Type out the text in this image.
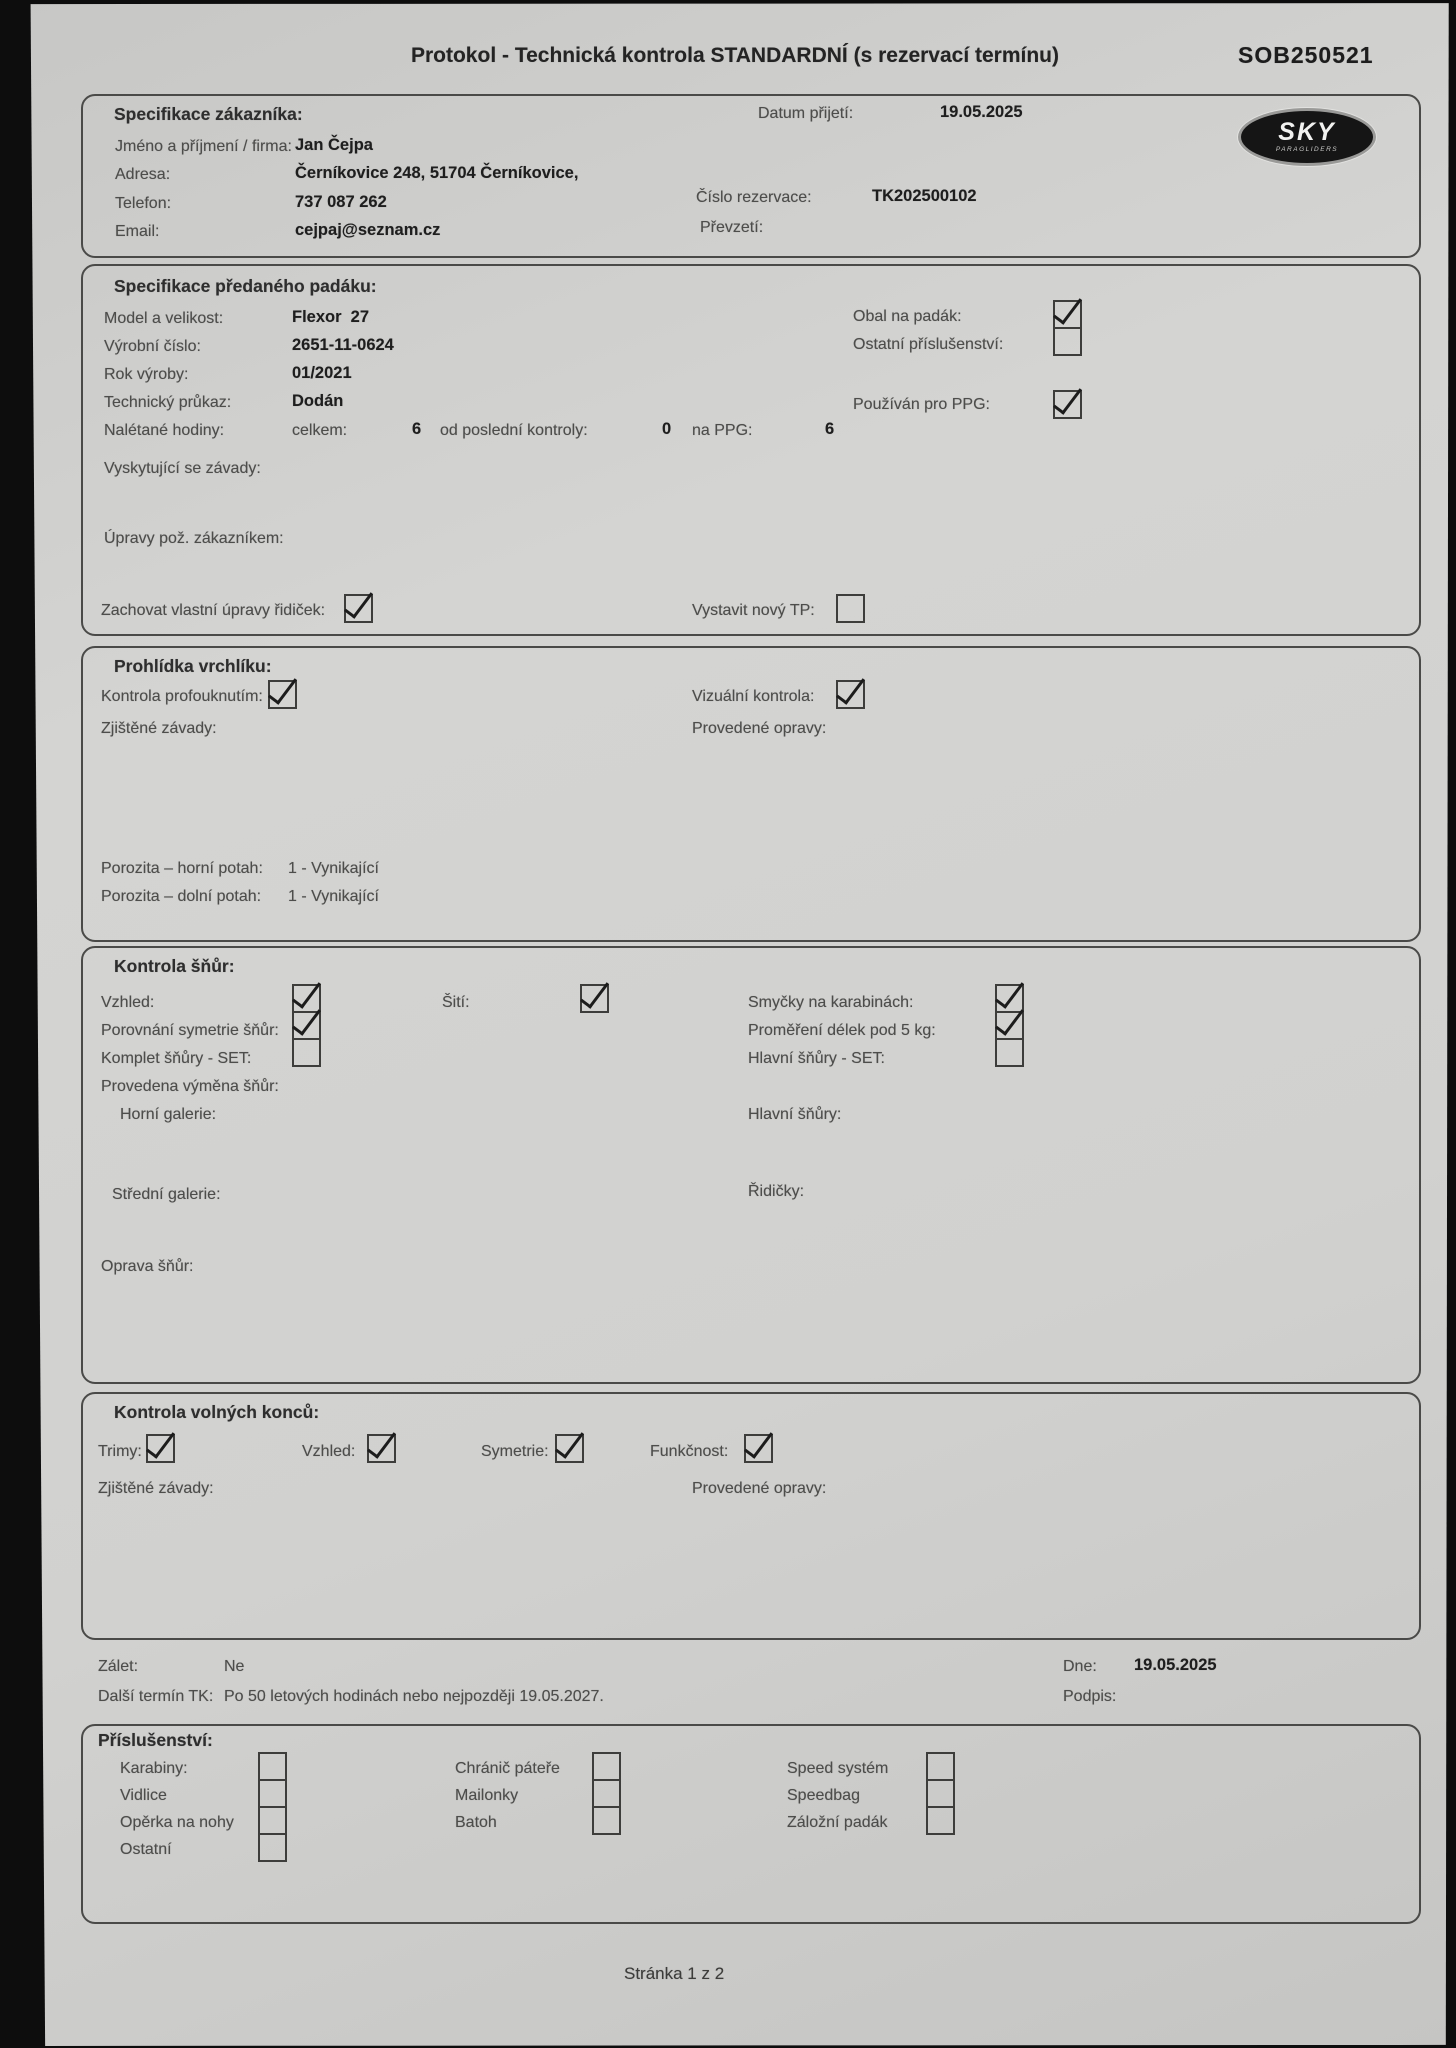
Protokol - Technická kontrola STANDARDNÍ (s rezervací termínu)	SOB250521
Specifikace zákazníka:
Jméno a příjmení / firma: Jan Čejpa
Adresa:	Černíkovice 248, 51704 Černíkovice,
Telefon:	737 087 262
Email:	cejpaj@seznam.cz
Datum přijetí:	19.05.2025
Číslo rezervace:	TK202500102
Převzetí:
SKY
PARAGLIDERS
Specifikace předaného padáku:
Model a velikost:	Flexor  27
Výrobní číslo:	2651-11-0624
Rok výroby:	01/2021
Technický průkaz:	Dodán
Nalétané hodiny:	celkem:	6 od poslední kontroly:	0 na PPG:	6
Vyskytující se závady:
Úpravy pož. zákazníkem:
Obal na padák:
Ostatní příslušenství:
Používán pro PPG:
Zachovat vlastní úpravy řidiček:	Vystavit nový TP:
Prohlídka vrchlíku:
Kontrola profouknutím:	Vizuální kontrola:
Zjištěné závady:	Provedené opravy:
Porozita – horní potah: 1 - Vynikající
Porozita – dolní potah: 1 - Vynikající
Kontrola šňůr:
Vzhled:	Šití:	Smyčky na karabinách:
Porovnání symetrie šňůr:	Proměření délek pod 5 kg:
Komplet šňůry - SET:	Hlavní šňůry - SET:
Provedena výměna šňůr:
Horní galerie:	Hlavní šňůry:
Střední galerie:	Řidičky:
Oprava šňůr:
Kontrola volných konců:
Trimy:	Vzhled:	Symetrie:	Funkčnost:
Zjištěné závady:	Provedené opravy:
Zálet:	Ne
Další termín TK: Po 50 letových hodinách nebo nejpozději 19.05.2027.
Dne: 19.05.2025
Podpis:
Příslušenství:
Karabiny:
Vidlice
Opěrka na nohy
Ostatní
Chránič páteře
Mailonky
Batoh
Speed systém
Speedbag
Záložní padák
Stránka 1 z 2
